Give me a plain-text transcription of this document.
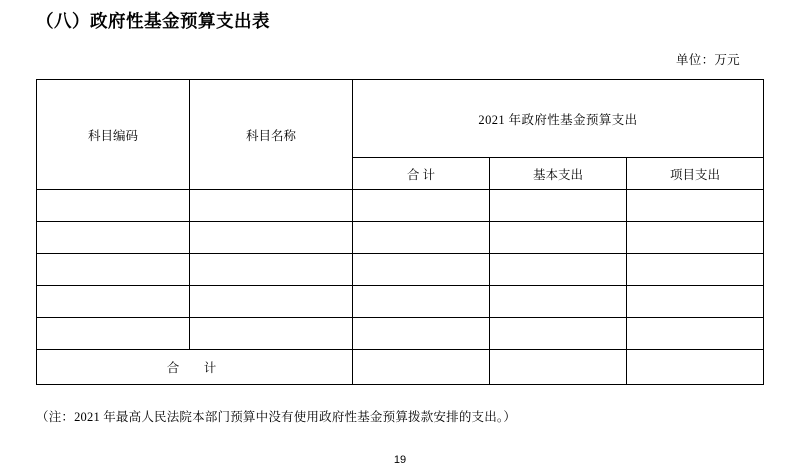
（八）政府性基金预算支出表
单位：万元
科目编码	科目名称	2021 年政府性基金预算支出		
		合 计	基本支出	项目支出

合　计				
（注：2021 年最高人民法院本部门预算中没有使用政府性基金预算拨款安排的支出。）
19
